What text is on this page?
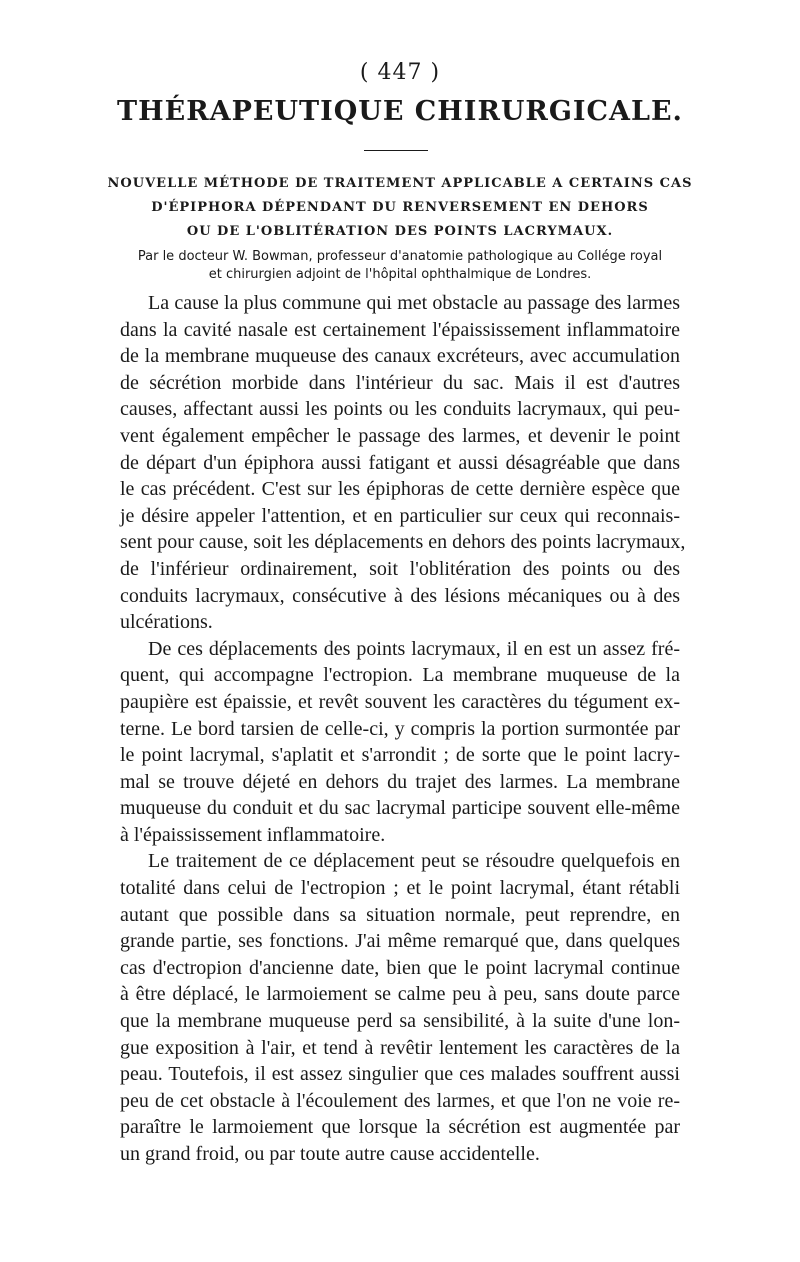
( 447 )
THÉRAPEUTIQUE CHIRURGICALE.
NOUVELLE MÉTHODE DE TRAITEMENT APPLICABLE A CERTAINS CAS
D'ÉPIPHORA DÉPENDANT DU RENVERSEMENT EN DEHORS
OU DE L'OBLITÉRATION DES POINTS LACRYMAUX.
Par le docteur W. Bowman, professeur d'anatomie pathologique au Collége royal
et chirurgien adjoint de l'hôpital ophthalmique de Londres.
La cause la plus commune qui met obstacle au passage des larmes
dans la cavité nasale est certainement l'épaississement inflammatoire
de la membrane muqueuse des canaux excréteurs, avec accumulation
de sécrétion morbide dans l'intérieur du sac. Mais il est d'autres
causes, affectant aussi les points ou les conduits lacrymaux, qui peu-
vent également empêcher le passage des larmes, et devenir le point
de départ d'un épiphora aussi fatigant et aussi désagréable que dans
le cas précédent. C'est sur les épiphoras de cette dernière espèce que
je désire appeler l'attention, et en particulier sur ceux qui reconnais-
sent pour cause, soit les déplacements en dehors des points lacrymaux,
de l'inférieur ordinairement, soit l'oblitération des points ou des
conduits lacrymaux, consécutive à des lésions mécaniques ou à des
ulcérations.
De ces déplacements des points lacrymaux, il en est un assez fré-
quent, qui accompagne l'ectropion. La membrane muqueuse de la
paupière est épaissie, et revêt souvent les caractères du tégument ex-
terne. Le bord tarsien de celle-ci, y compris la portion surmontée par
le point lacrymal, s'aplatit et s'arrondit ; de sorte que le point lacry-
mal se trouve déjeté en dehors du trajet des larmes. La membrane
muqueuse du conduit et du sac lacrymal participe souvent elle-même
à l'épaississement inflammatoire.
Le traitement de ce déplacement peut se résoudre quelquefois en
totalité dans celui de l'ectropion ; et le point lacrymal, étant rétabli
autant que possible dans sa situation normale, peut reprendre, en
grande partie, ses fonctions. J'ai même remarqué que, dans quelques
cas d'ectropion d'ancienne date, bien que le point lacrymal continue
à être déplacé, le larmoiement se calme peu à peu, sans doute parce
que la membrane muqueuse perd sa sensibilité, à la suite d'une lon-
gue exposition à l'air, et tend à revêtir lentement les caractères de la
peau. Toutefois, il est assez singulier que ces malades souffrent aussi
peu de cet obstacle à l'écoulement des larmes, et que l'on ne voie re-
paraître le larmoiement que lorsque la sécrétion est augmentée par
un grand froid, ou par toute autre cause accidentelle.
